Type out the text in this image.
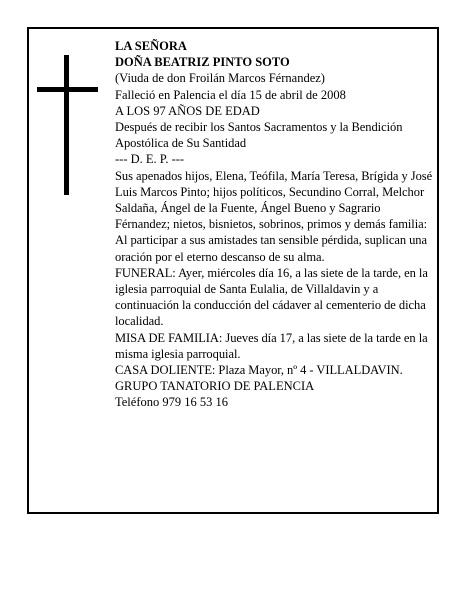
LA SEÑORA
DOÑA BEATRIZ PINTO SOTO
(Viuda de don Froilán Marcos Férnandez)
Falleció en Palencia el día 15 de abril de 2008
A LOS 97 AÑOS DE EDAD
Después de recibir los Santos Sacramentos y la Bendición Apostólica de Su Santidad
--- D. E. P. ---
Sus apenados hijos, Elena, Teófila, María Teresa, Brígida y José Luis Marcos Pinto; hijos políticos, Secundino Corral, Melchor Saldaña, Ángel de la Fuente, Ángel Bueno y Sagrario Férnandez; nietos, bisnietos, sobrinos, primos y demás familia:
Al participar a sus amistades tan sensible pérdida, suplican una oración por el eterno descanso de su alma.
FUNERAL: Ayer, miércoles día 16, a las siete de la tarde, en la iglesia parroquial de Santa Eulalia, de Villaldavin y a continuación la conducción del cádaver al cementerio de dicha localidad.
MISA DE FAMILIA: Jueves día 17, a las siete de la tarde en la misma iglesia parroquial.
CASA DOLIENTE: Plaza Mayor, nº 4 - VILLALDAVIN.
GRUPO TANATORIO DE PALENCIA
Teléfono 979 16 53 16
